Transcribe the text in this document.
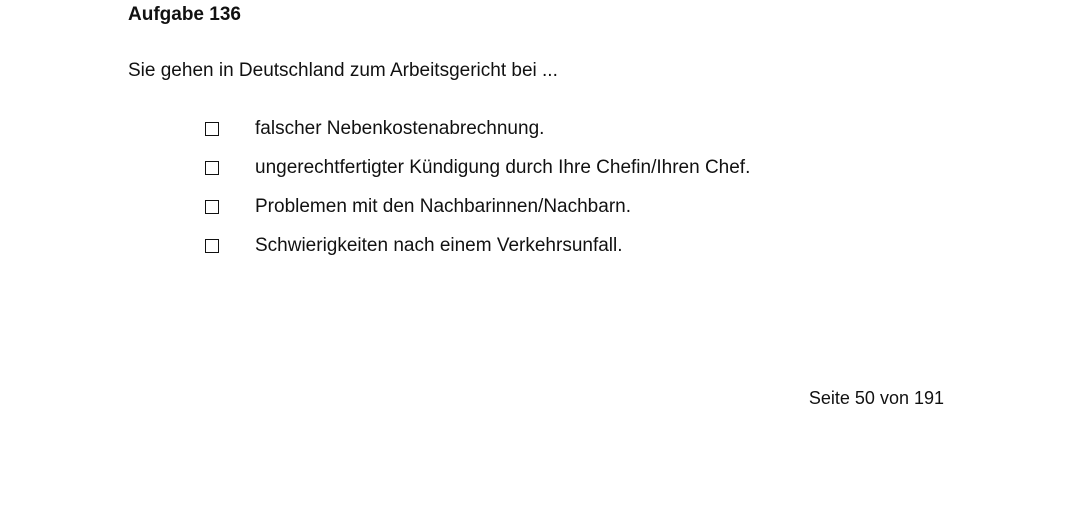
Aufgabe 136
Sie gehen in Deutschland zum Arbeitsgericht bei ...
falscher Nebenkostenabrechnung.
ungerechtfertigter Kündigung durch Ihre Chefin/Ihren Chef.
Problemen mit den Nachbarinnen/Nachbarn.
Schwierigkeiten nach einem Verkehrsunfall.
Seite 50 von 191
